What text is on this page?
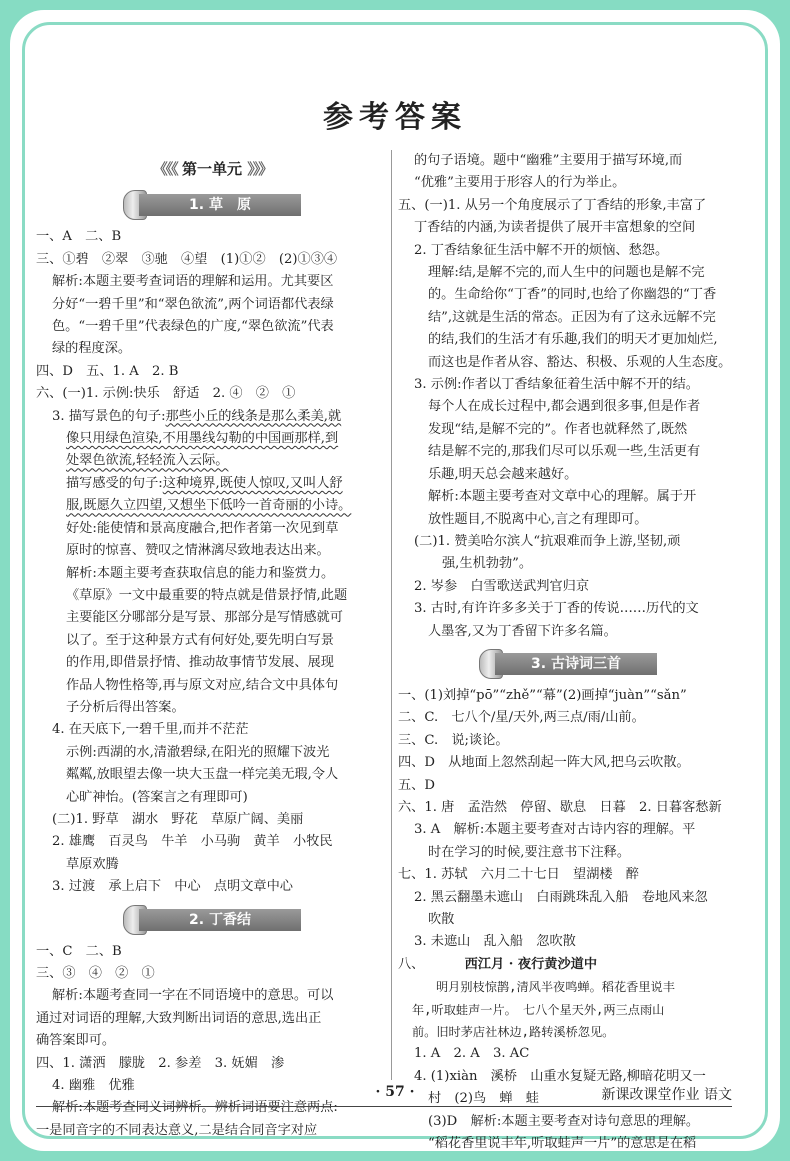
参考答案
《《《 第一单元 》》》
1. 草　原

一、A　二、B

三、①碧　②翠　③驰　④望　(1)①②　(2)①③④

解析:本题主要考查词语的理解和运用。尤其要区

分好“一碧千里”和“翠色欲流”,两个词语都代表绿

色。“一碧千里”代表绿色的广度,“翠色欲流”代表

绿的程度深。

四、D　五、1. A　2. B

六、(一)1. 示例:快乐　舒适　2. ④　②　①

3. 描写景色的句子:那些小丘的线条是那么柔美,就

像只用绿色渲染,不用墨线勾勒的中国画那样,到

处翠色欲流,轻轻流入云际。

描写感受的句子:这种境界,既使人惊叹,又叫人舒

服,既愿久立四望,又想坐下低吟一首奇丽的小诗。

好处:能使情和景高度融合,把作者第一次见到草

原时的惊喜、赞叹之情淋漓尽致地表达出来。

解析:本题主要考查获取信息的能力和鉴赏力。

《草原》一文中最重要的特点就是借景抒情,此题

主要能区分哪部分是写景、那部分是写情感就可

以了。至于这种景方式有何好处,要先明白写景

的作用,即借景抒情、推动故事情节发展、展现

作品人物性格等,再与原文对应,结合文中具体句

子分析后得出答案。

4. 在天底下,一碧千里,而并不茫茫

示例:西湖的水,清澈碧绿,在阳光的照耀下波光

粼粼,放眼望去像一块大玉盘一样完美无瑕,令人

心旷神怡。(答案言之有理即可)

(二)1. 野草　湖水　野花　草原广阔、美丽

2. 雄鹰　百灵鸟　牛羊　小马驹　黄羊　小牧民

草原欢腾

3. 过渡　承上启下　中心　点明文章中心

2. 丁香结

一、C　二、B

三、③　④　②　①

解析:本题考查同一字在不同语境中的意思。可以

通过对词语的理解,大致判断出词语的意思,选出正

确答案即可。

四、1. 潇洒　朦胧　2. 参差　3. 妩媚　渗

4. 幽雅　优雅

解析:本题考查同义词辨析。辨析词语要注意两点:

一是同音字的不同表达意义,二是结合同音字对应

的句子语境。题中“幽雅”主要用于描写环境,而

“优雅”主要用于形容人的行为举止。

五、(一)1. 从另一个角度展示了丁香结的形象,丰富了

丁香结的内涵,为读者提供了展开丰富想象的空间

2. 丁香结象征生活中解不开的烦恼、愁怨。

理解:结,是解不完的,而人生中的问题也是解不完

的。生命给你“丁香”的同时,也给了你幽怨的“丁香

结”,这就是生活的常态。正因为有了这永远解不完

的结,我们的生活才有乐趣,我们的明天才更加灿烂,

而这也是作者从容、豁达、积极、乐观的人生态度。

3. 示例:作者以丁香结象征着生活中解不开的结。

每个人在成长过程中,都会遇到很多事,但是作者

发现“结,是解不完的”。作者也就释然了,既然

结是解不完的,那我们尽可以乐观一些,生活更有

乐趣,明天总会越来越好。

解析:本题主要考查对文章中心的理解。属于开

放性题目,不脱离中心,言之有理即可。

(二)1. 赞美哈尔滨人“抗艰难而争上游,坚韧,顽

强,生机勃勃”。

2. 岑参　白雪歌送武判官归京

3. 古时,有许许多多关于丁香的传说……历代的文

人墨客,又为丁香留下许多名篇。

3. 古诗词三首

一、(1)刘掉“pō”“zhě”“幕”(2)画掉“juàn”“sǎn”

二、C.　七八个/星/天外,两三点/雨/山前。

三、C.　说;谈论。

四、D　从地面上忽然刮起一阵大风,把乌云吹散。

五、D

六、1. 唐　孟浩然　停留、歇息　日暮　2. 日暮客愁新

3. A　解析:本题主要考查对古诗内容的理解。平

时在学习的时候,要注意书下注释。

七、1. 苏轼　六月二十七日　望湖楼　醉

2. 黑云翻墨未遮山　白雨跳珠乱入船　卷地风来忽

吹散

3. 未遮山　乱入船　忽吹散

八、	西江月 · 夜行黄沙道中

明月别枝惊鹊,清风半夜鸣蝉。稻花香里说丰

年,听取蛙声一片。　七八个星天外,两三点雨山

前。旧时茅店社林边,路转溪桥忽见。

1. A　2. A　3. AC

4. (1)xiàn　溪桥　山重水复疑无路,柳暗花明又一

村　(2)鸟　蝉　蛙

(3)D　解析:本题主要考查对诗句意思的理解。

“稻花香里说丰年,听取蛙声一片”的意思是在稻

· 57 ·	新课改课堂作业 语文
